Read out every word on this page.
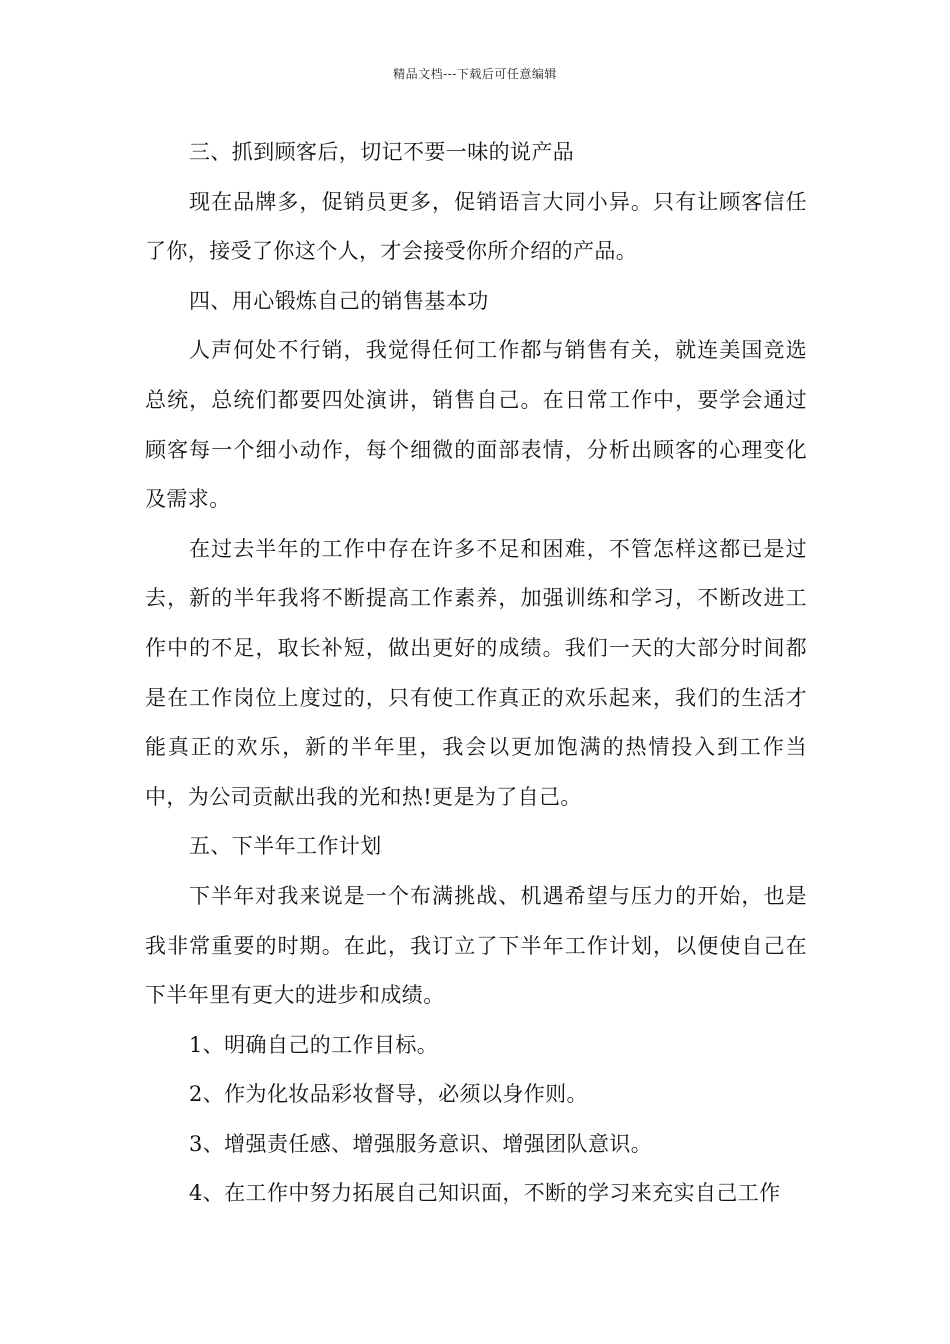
精品文档---下载后可任意编辑

三、抓到顾客后，切记不要一味的说产品

现在品牌多，促销员更多，促销语言大同小异。只有让顾客信任了你，接受了你这个人，才会接受你所介绍的产品。

四、用心锻炼自己的销售基本功

人声何处不行销，我觉得任何工作都与销售有关，就连美国竞选总统，总统们都要四处演讲，销售自己。在日常工作中，要学会通过顾客每一个细小动作，每个细微的面部表情，分析出顾客的心理变化及需求。

在过去半年的工作中存在许多不足和困难，不管怎样这都已是过去，新的半年我将不断提高工作素养，加强训练和学习，不断改进工作中的不足，取长补短，做出更好的成绩。我们一天的大部分时间都是在工作岗位上度过的，只有使工作真正的欢乐起来，我们的生活才能真正的欢乐，新的半年里，我会以更加饱满的热情投入到工作当中，为公司贡献出我的光和热!更是为了自己。

五、下半年工作计划

下半年对我来说是一个布满挑战、机遇希望与压力的开始，也是我非常重要的时期。在此，我订立了下半年工作计划，以便使自己在下半年里有更大的进步和成绩。

1、明确自己的工作目标。

2、作为化妆品彩妆督导，必须以身作则。

3、增强责任感、增强服务意识、增强团队意识。

4、在工作中努力拓展自己知识面，不断的学习来充实自己工作
